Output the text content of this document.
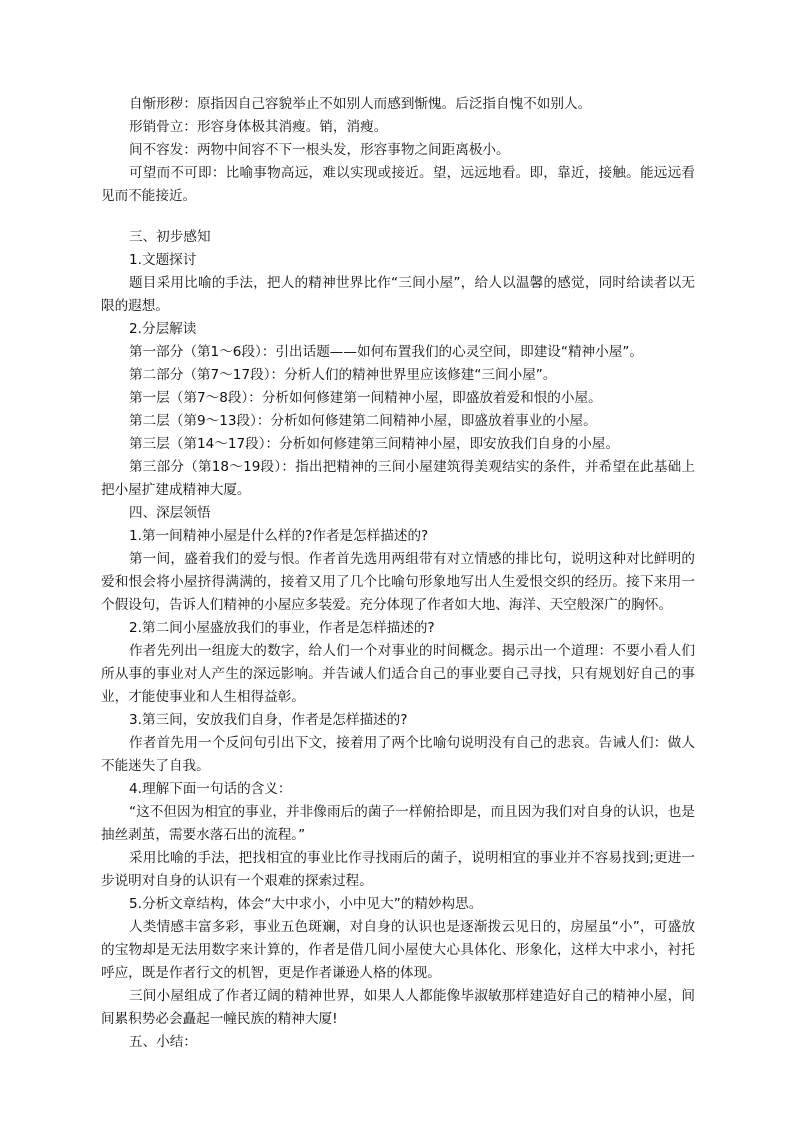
自惭形秽：原指因自己容貌举止不如别人而感到惭愧。后泛指自愧不如别人。

形销骨立：形容身体极其消瘦。销，消瘦。

间不容发：两物中间容不下一根头发，形容事物之间距离极小。

可望而不可即：比喻事物高远，难以实现或接近。望，远远地看。即，靠近，接触。能远远看见而不能接近。

三、初步感知

1.文题探讨

题目采用比喻的手法，把人的精神世界比作“三间小屋”，给人以温馨的感觉，同时给读者以无限的遐想。

2.分层解读

第一部分（第1～6段）：引出话题——如何布置我们的心灵空间，即建设“精神小屋”。

第二部分（第7～17段）：分析人们的精神世界里应该修建“三间小屋”。

第一层（第7～8段）：分析如何修建第一间精神小屋，即盛放着爱和恨的小屋。

第二层（第9～13段）：分析如何修建第二间精神小屋，即盛放着事业的小屋。

第三层（第14～17段）：分析如何修建第三间精神小屋，即安放我们自身的小屋。

第三部分（第18～19段）：指出把精神的三间小屋建筑得美观结实的条件，并希望在此基础上把小屋扩建成精神大厦。

四、深层领悟

1.第一间精神小屋是什么样的?作者是怎样描述的?

第一间，盛着我们的爱与恨。作者首先选用两组带有对立情感的排比句，说明这种对比鲜明的爱和恨会将小屋挤得满满的，接着又用了几个比喻句形象地写出人生爱恨交织的经历。接下来用一个假设句，告诉人们精神的小屋应多装爱。充分体现了作者如大地、海洋、天空般深广的胸怀。

2.第二间小屋盛放我们的事业，作者是怎样描述的?

作者先列出一组庞大的数字，给人们一个对事业的时间概念。揭示出一个道理：不要小看人们所从事的事业对人产生的深远影响。并告诫人们适合自己的事业要自己寻找，只有规划好自己的事业，才能使事业和人生相得益彰。

3.第三间，安放我们自身，作者是怎样描述的?

作者首先用一个反问句引出下文，接着用了两个比喻句说明没有自己的悲哀。告诫人们：做人不能迷失了自我。

4.理解下面一句话的含义：

“这不但因为相宜的事业，并非像雨后的菌子一样俯拾即是，而且因为我们对自身的认识，也是抽丝剥茧，需要水落石出的流程。”

采用比喻的手法，把找相宜的事业比作寻找雨后的菌子，说明相宜的事业并不容易找到;更进一步说明对自身的认识有一个艰难的探索过程。

5.分析文章结构，体会“大中求小，小中见大”的精妙构思。

人类情感丰富多彩，事业五色斑斓，对自身的认识也是逐渐拨云见日的，房屋虽“小”，可盛放的宝物却是无法用数字来计算的，作者是借几间小屋使大心具体化、形象化，这样大中求小，衬托呼应，既是作者行文的机智，更是作者谦逊人格的体现。

三间小屋组成了作者辽阔的精神世界，如果人人都能像毕淑敏那样建造好自己的精神小屋，间间累积势必会矗起一幢民族的精神大厦!

五、小结：
